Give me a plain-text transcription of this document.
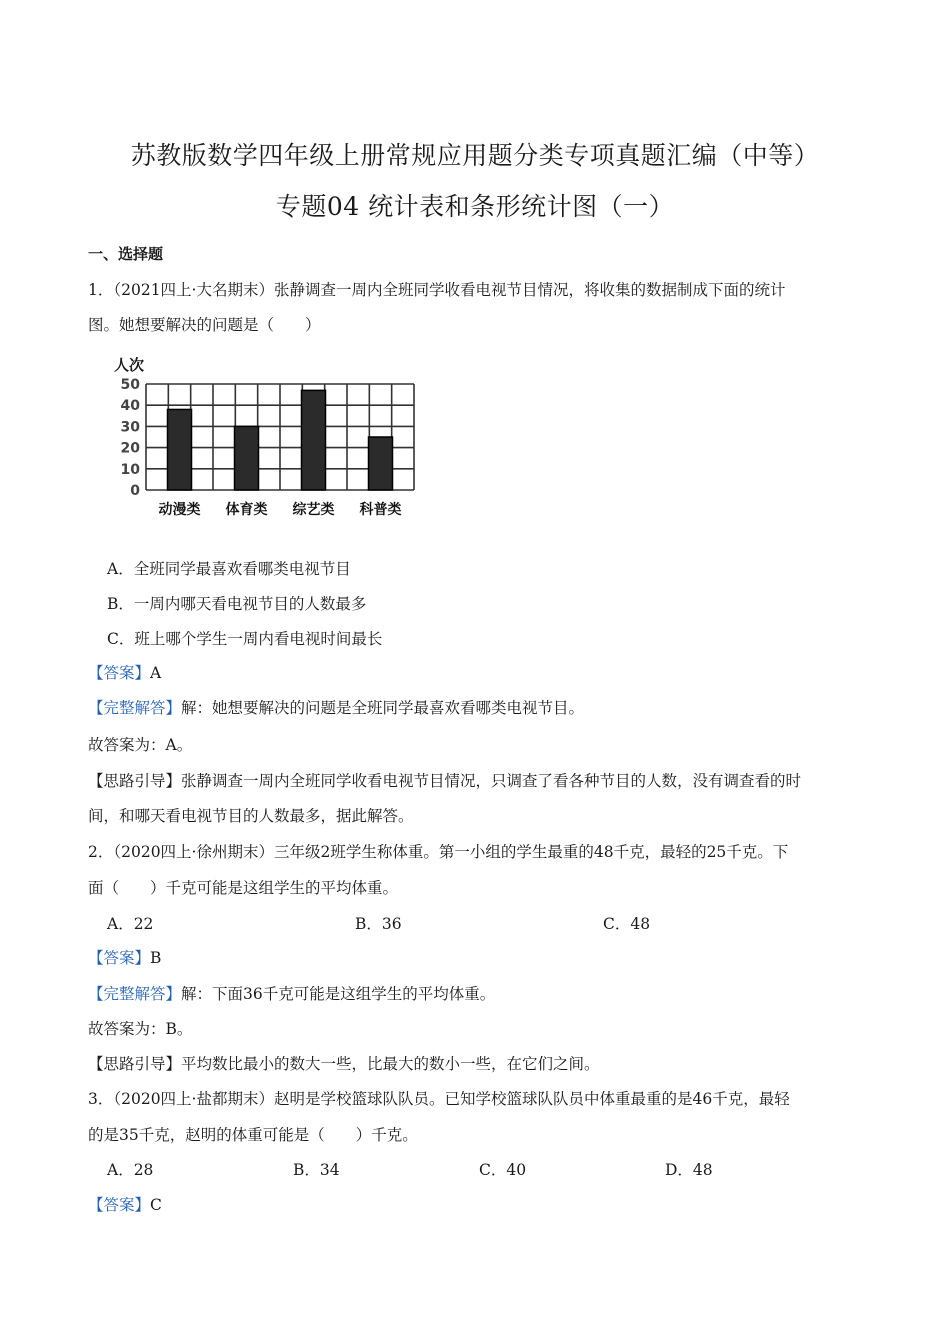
苏教版数学四年级上册常规应用题分类专项真题汇编（中等）
专题04 统计表和条形统计图（一）
一、选择题
1．（2021四上·大名期末）张静调查一周内全班同学收看电视节目情况，将收集的数据制成下面的统计
图。她想要解决的问题是（　　）
人次
0
10
20
30
40
50
动漫类 体育类 综艺类 科普类
A．全班同学最喜欢看哪类电视节目
B．一周内哪天看电视节目的人数最多
C．班上哪个学生一周内看电视时间最长
【答案】A
【完整解答】解：她想要解决的问题是全班同学最喜欢看哪类电视节目。
故答案为：A。
【思路引导】张静调查一周内全班同学收看电视节目情况，只调查了看各种节目的人数，没有调查看的时
间，和哪天看电视节目的人数最多，据此解答。
2．（2020四上·徐州期末）三年级2班学生称体重。第一小组的学生最重的48千克，最轻的25千克。下
面（　　）千克可能是这组学生的平均体重。
A．22	B．36	C．48
【答案】B
【完整解答】解：下面36千克可能是这组学生的平均体重。
故答案为：B。
【思路引导】平均数比最小的数大一些，比最大的数小一些，在它们之间。
3．（2020四上·盐都期末）赵明是学校篮球队队员。已知学校篮球队队员中体重最重的是46千克，最轻
的是35千克，赵明的体重可能是（　　）千克。
A．28	B．34	C．40	D．48
【答案】C
